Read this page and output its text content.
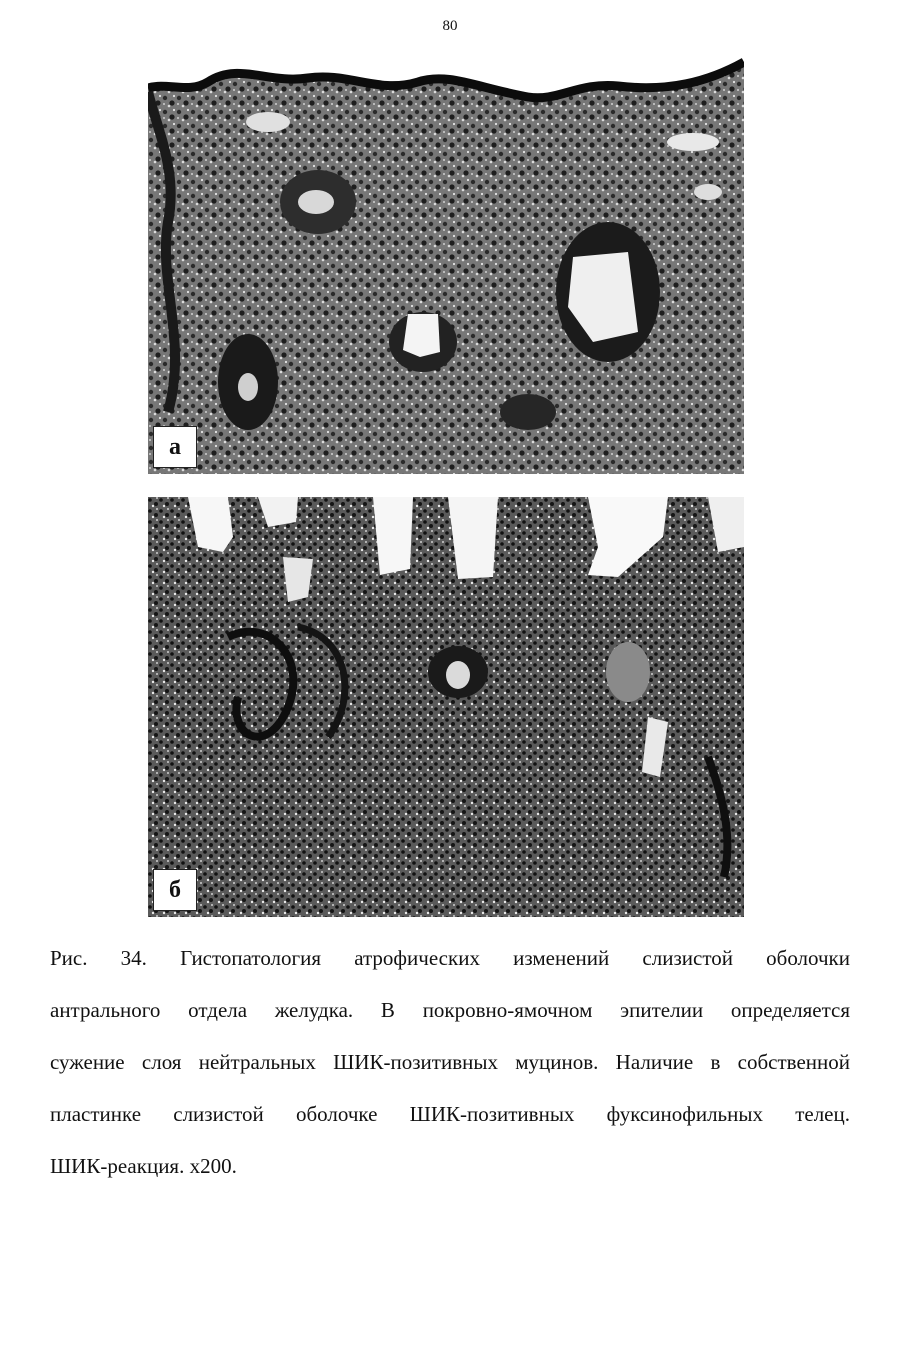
80
а
б
Рис. 34. Гистопатология атрофических изменений слизистой оболочки
антрального отдела желудка. В покровно-ямочном эпителии определяется
сужение слоя нейтральных ШИК-позитивных муцинов. Наличие в собственной
пластинке слизистой оболочке ШИК-позитивных фуксинофильных телец.
ШИК-реакция. х200.
